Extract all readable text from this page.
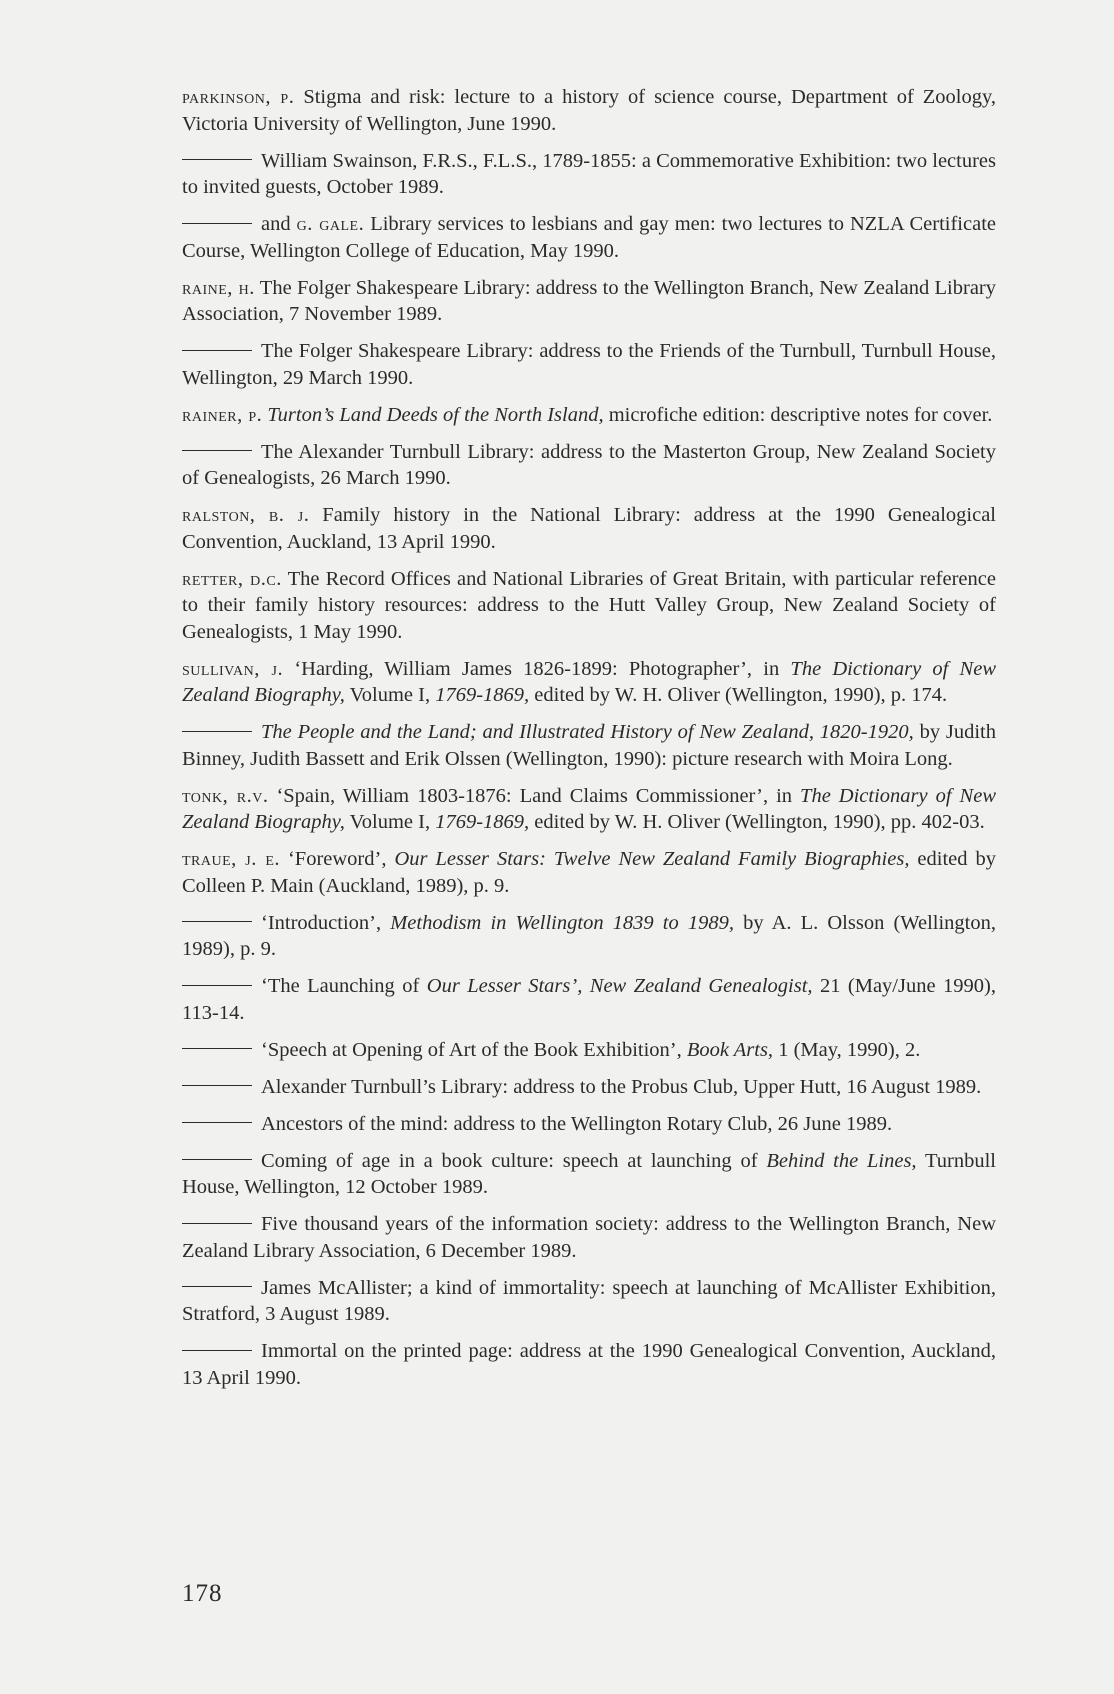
parkinson, p. Stigma and risk: lecture to a history of science course, Department of Zoology, Victoria University of Wellington, June 1990.

William Swainson, F.R.S., F.L.S., 1789-1855: a Commemorative Exhibition: two lectures to invited guests, October 1989.

and g. gale. Library services to lesbians and gay men: two lectures to NZLA Certificate Course, Wellington College of Education, May 1990.

raine, h. The Folger Shakespeare Library: address to the Wellington Branch, New Zealand Library Association, 7 November 1989.

The Folger Shakespeare Library: address to the Friends of the Turnbull, Turnbull House, Wellington, 29 March 1990.

rainer, p. Turton’s Land Deeds of the North Island, microfiche edition: descriptive notes for cover.

The Alexander Turnbull Library: address to the Masterton Group, New Zealand Society of Genealogists, 26 March 1990.

ralston, b. j. Family history in the National Library: address at the 1990 Genealogical Convention, Auckland, 13 April 1990.

retter, d.c. The Record Offices and National Libraries of Great Britain, with particular reference to their family history resources: address to the Hutt Valley Group, New Zealand Society of Genealogists, 1 May 1990.

sullivan, j. ‘Harding, William James 1826-1899: Photographer’, in The Dictionary of New Zealand Biography, Volume I, 1769-1869, edited by W. H. Oliver (Wellington, 1990), p. 174.

The People and the Land; and Illustrated History of New Zealand, 1820-1920, by Judith Binney, Judith Bassett and Erik Olssen (Wellington, 1990): picture research with Moira Long.

tonk, r.v. ‘Spain, William 1803-1876: Land Claims Commissioner’, in The Dictionary of New Zealand Biography, Volume I, 1769-1869, edited by W. H. Oliver (Wellington, 1990), pp. 402-03.

traue, j. e. ‘Foreword’, Our Lesser Stars: Twelve New Zealand Family Biographies, edited by Colleen P. Main (Auckland, 1989), p. 9.

‘Introduction’, Methodism in Wellington 1839 to 1989, by A. L. Olsson (Wellington, 1989), p. 9.

‘The Launching of Our Lesser Stars’, New Zealand Genealogist, 21 (May/June 1990), 113-14.

‘Speech at Opening of Art of the Book Exhibition’, Book Arts, 1 (May, 1990), 2.

Alexander Turnbull’s Library: address to the Probus Club, Upper Hutt, 16 August 1989.

Ancestors of the mind: address to the Wellington Rotary Club, 26 June 1989.

Coming of age in a book culture: speech at launching of Behind the Lines, Turnbull House, Wellington, 12 October 1989.

Five thousand years of the information society: address to the Wellington Branch, New Zealand Library Association, 6 December 1989.

James McAllister; a kind of immortality: speech at launching of McAllister Exhibition, Stratford, 3 August 1989.

Immortal on the printed page: address at the 1990 Genealogical Convention, Auckland, 13 April 1990.

178
